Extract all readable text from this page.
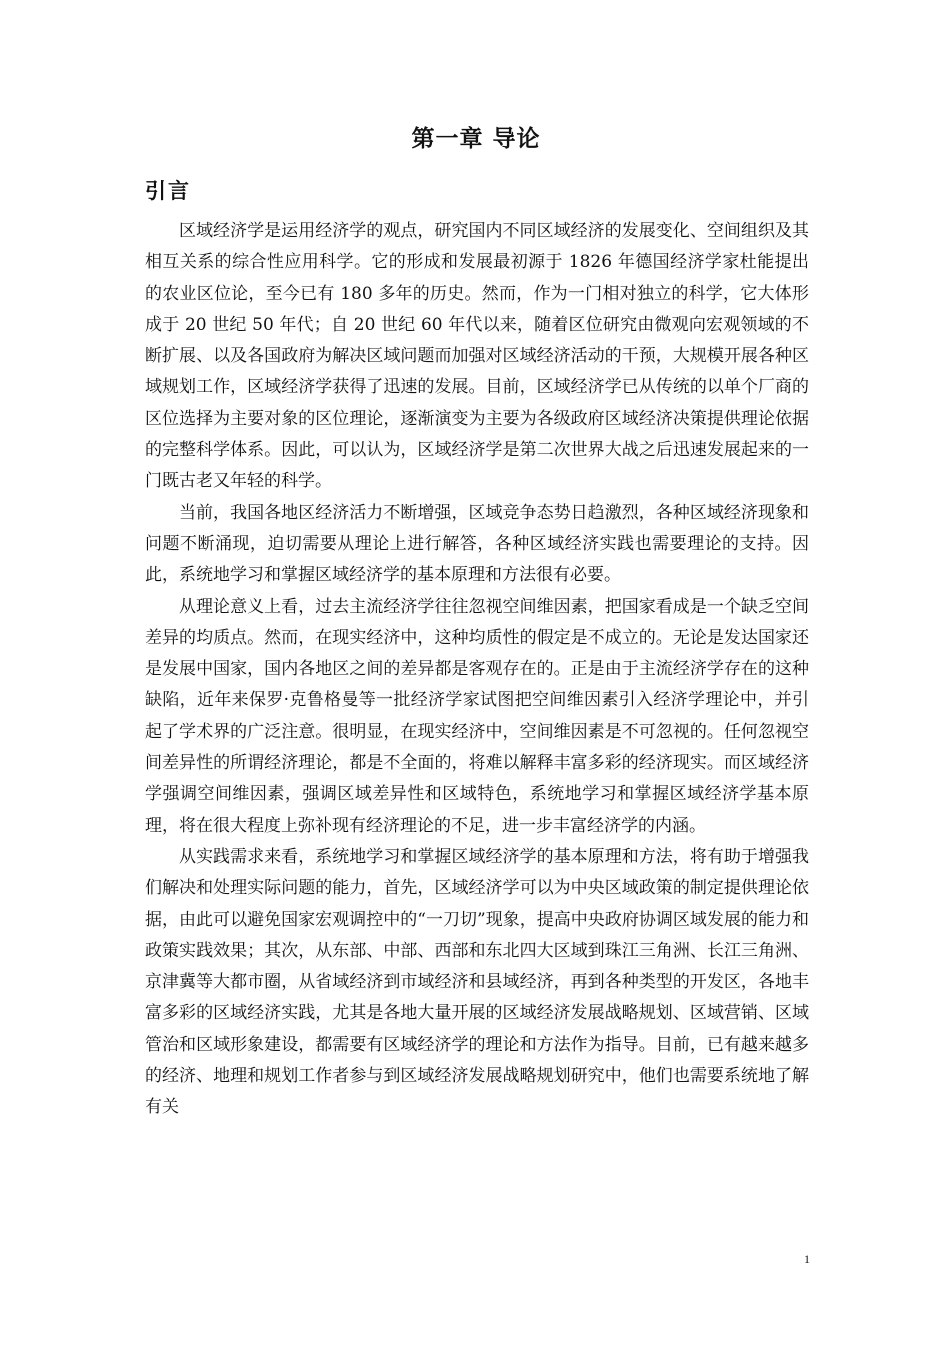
第一章 导论
引言

区域经济学是运用经济学的观点，研究国内不同区域经济的发展变化、空间组织及其相互关系的综合性应用科学。它的形成和发展最初源于 1826 年德国经济学家杜能提出的农业区位论，至今已有 180 多年的历史。然而，作为一门相对独立的科学，它大体形成于 20 世纪 50 年代；自 20 世纪 60 年代以来，随着区位研究由微观向宏观领域的不断扩展、以及各国政府为解决区域问题而加强对区域经济活动的干预，大规模开展各种区域规划工作，区域经济学获得了迅速的发展。目前，区域经济学已从传统的以单个厂商的区位选择为主要对象的区位理论，逐渐演变为主要为各级政府区域经济决策提供理论依据的完整科学体系。因此，可以认为，区域经济学是第二次世界大战之后迅速发展起来的一门既古老又年轻的科学。

当前，我国各地区经济活力不断增强，区域竞争态势日趋激烈，各种区域经济现象和问题不断涌现，迫切需要从理论上进行解答，各种区域经济实践也需要理论的支持。因此，系统地学习和掌握区域经济学的基本原理和方法很有必要。

从理论意义上看，过去主流经济学往往忽视空间维因素，把国家看成是一个缺乏空间差异的均质点。然而，在现实经济中，这种均质性的假定是不成立的。无论是发达国家还是发展中国家，国内各地区之间的差异都是客观存在的。正是由于主流经济学存在的这种缺陷，近年来保罗·克鲁格曼等一批经济学家试图把空间维因素引入经济学理论中，并引起了学术界的广泛注意。很明显，在现实经济中，空间维因素是不可忽视的。任何忽视空间差异性的所谓经济理论，都是不全面的，将难以解释丰富多彩的经济现实。而区域经济学强调空间维因素，强调区域差异性和区域特色，系统地学习和掌握区域经济学基本原理，将在很大程度上弥补现有经济理论的不足，进一步丰富经济学的内涵。

从实践需求来看，系统地学习和掌握区域经济学的基本原理和方法，将有助于增强我们解决和处理实际问题的能力，首先，区域经济学可以为中央区域政策的制定提供理论依据，由此可以避免国家宏观调控中的“一刀切”现象，提高中央政府协调区域发展的能力和政策实践效果；其次，从东部、中部、西部和东北四大区域到珠江三角洲、长江三角洲、京津冀等大都市圈，从省域经济到市域经济和县域经济，再到各种类型的开发区，各地丰富多彩的区域经济实践，尤其是各地大量开展的区域经济发展战略规划、区域营销、区域管治和区域形象建设，都需要有区域经济学的理论和方法作为指导。目前，已有越来越多的经济、地理和规划工作者参与到区域经济发展战略规划研究中，他们也需要系统地了解有关

1
